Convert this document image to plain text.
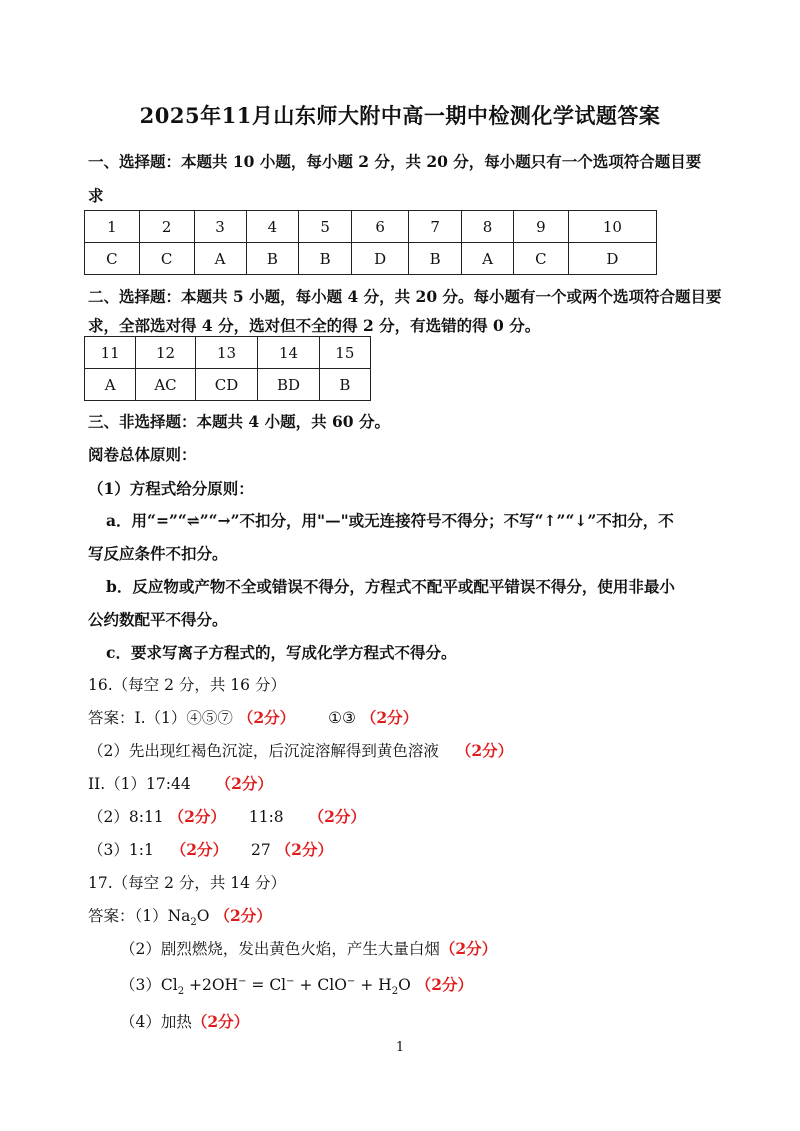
2025年11月山东师大附中高一期中检测化学试题答案
一、选择题：本题共 10 小题，每小题 2 分，共 20 分，每小题只有一个选项符合题目要
求
1	2	3	4	5	6	7	8	9	10
C	C	A	B	B	D	B	A	C	D
二、选择题：本题共 5 小题，每小题 4 分，共 20 分。每小题有一个或两个选项符合题目要
求，全部选对得 4 分，选对但不全的得 2 分，有选错的得 0 分。
11	12	13	14	15
A	AC	CD	BD	B
三、非选择题：本题共 4 小题，共 60 分。
阅卷总体原则：
（1）方程式给分原则：
a．用“=”“⇌”“→”不扣分，用"—"或无连接符号不得分；不写“↑”“↓”不扣分，不
写反应条件不扣分。
b．反应物或产物不全或错误不得分，方程式不配平或配平错误不得分，使用非最小
公约数配平不得分。
c．要求写离子方程式的，写成化学方程式不得分。
16.（每空 2 分，共 16 分）
答案：I.（1）④⑤⑦ （2分） ①③ （2分）
（2）先出现红褐色沉淀，后沉淀溶解得到黄色溶液 （2分）
II.（1）17:44 （2分）
（2）8:11 （2分） 11:8 （2分）
（3）1:1 （2分） 27 （2分）
17.（每空 2 分，共 14 分）
答案：$(1)Na_2O$ （2分）
（2）剧烈燃烧，发出黄色火焰，产生大量白烟（2分）
$(3)Cl_2 +2OH^- = Cl^- + ClO^- + H_2O$ （2分）
（4）加热（2分）
1
